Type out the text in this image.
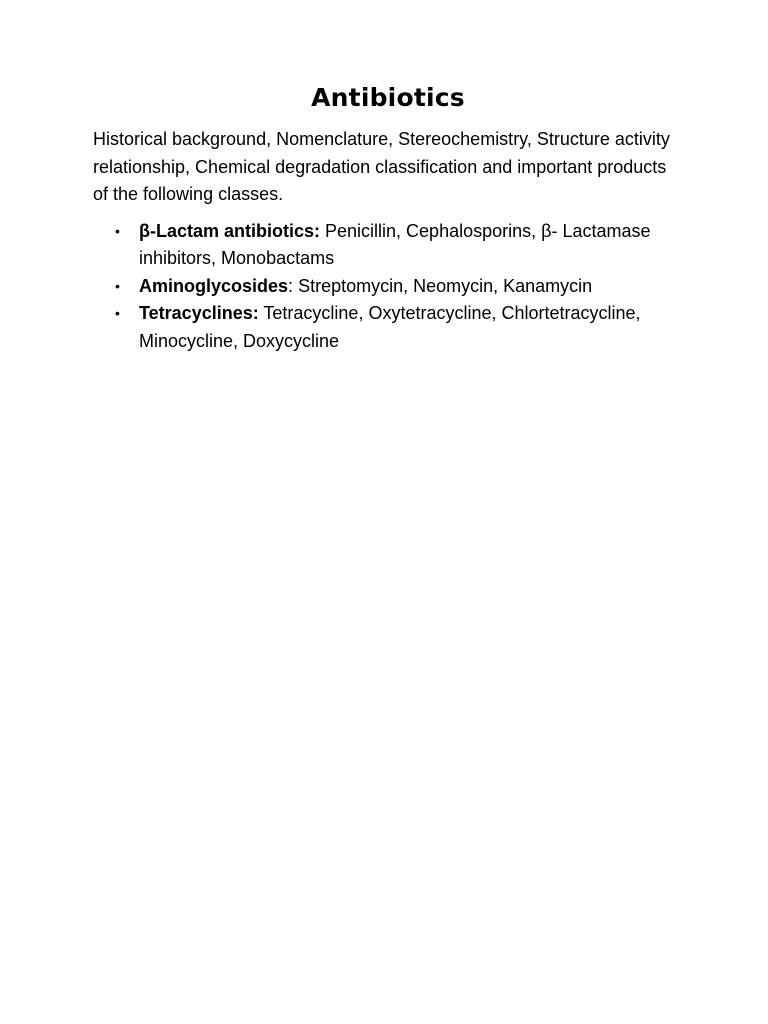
Antibiotics

Historical background, Nomenclature, Stereochemistry, Structure activity relationship, Chemical degradation classification and important products of the following classes.

• β-Lactam antibiotics: Penicillin, Cephalosporins, β- Lactamase inhibitors, Monobactams
• Aminoglycosides: Streptomycin, Neomycin, Kanamycin
• Tetracyclines: Tetracycline, Oxytetracycline, Chlortetracycline, Minocycline, Doxycycline
